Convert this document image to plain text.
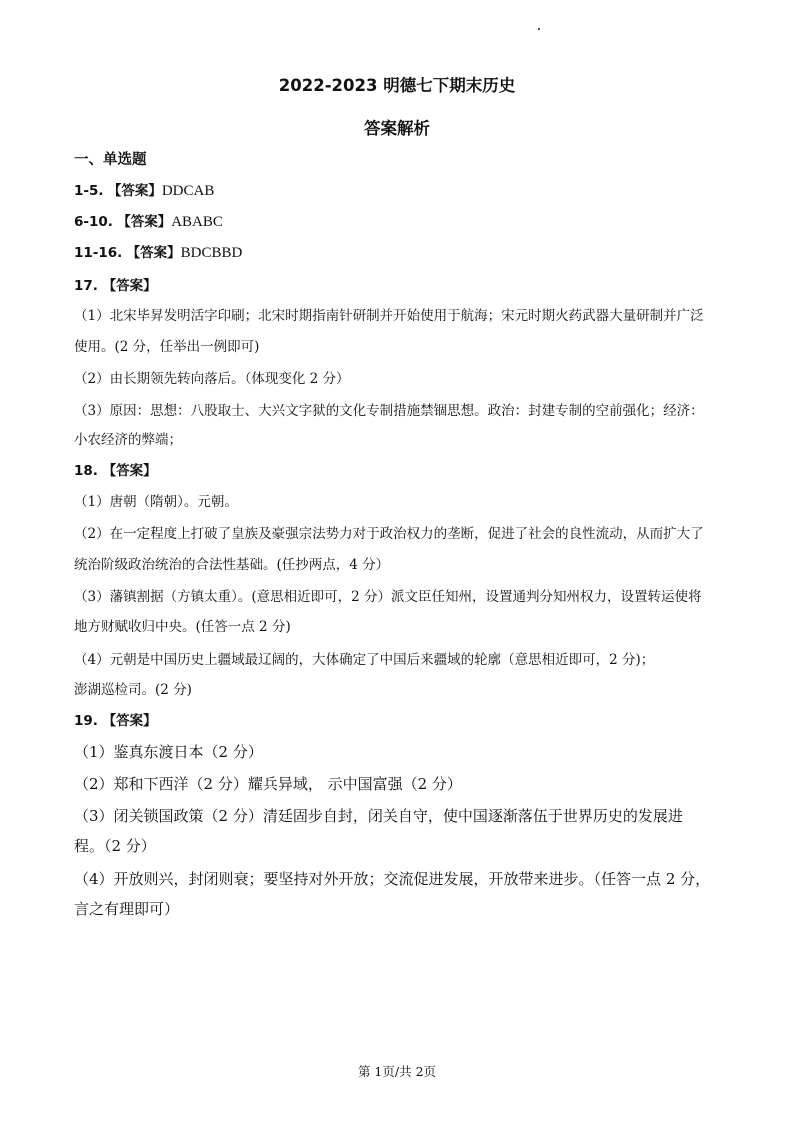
2022-2023 明德七下期末历史
答案解析
一、单选题
1-5. 【答案】DDCAB
6-10. 【答案】ABABC
11-16. 【答案】BDCBBD
17. 【答案】
（1）北宋毕昇发明活字印刷；北宋时期指南针研制并开始使用于航海；宋元时期火药武器大量研制并广泛
使用。(2 分，任举出一例即可)
（2）由长期领先转向落后。（体现变化 2 分）
（3）原因：思想：八股取士、大兴文字狱的文化专制措施禁锢思想。政治：封建专制的空前强化；经济：
小农经济的弊端；
18. 【答案】
（1）唐朝（隋朝）。元朝。
（2）在一定程度上打破了皇族及豪强宗法势力对于政治权力的垄断，促进了社会的良性流动，从而扩大了
统治阶级政治统治的合法性基础。(任抄两点，4 分）
（3）藩镇割据（方镇太重）。(意思相近即可，2 分）派文臣任知州，设置通判分知州权力，设置转运使将
地方财赋收归中央。(任答一点 2 分)
（4）元朝是中国历史上疆域最辽阔的，大体确定了中国后来疆域的轮廓（意思相近即可，2 分)；
澎湖巡检司。(2 分)
19. 【答案】
（1）鉴真东渡日本（2 分）
（2）郑和下西洋（2 分）耀兵异域， 示中国富强（2 分）
（3）闭关锁国政策（2 分）清廷固步自封，闭关自守，使中国逐渐落伍于世界历史的发展进
程。（2 分）
（4）开放则兴，封闭则衰；要坚持对外开放；交流促进发展，开放带来进步。（任答一点 2 分，
言之有理即可）
第 1页/共 2页
